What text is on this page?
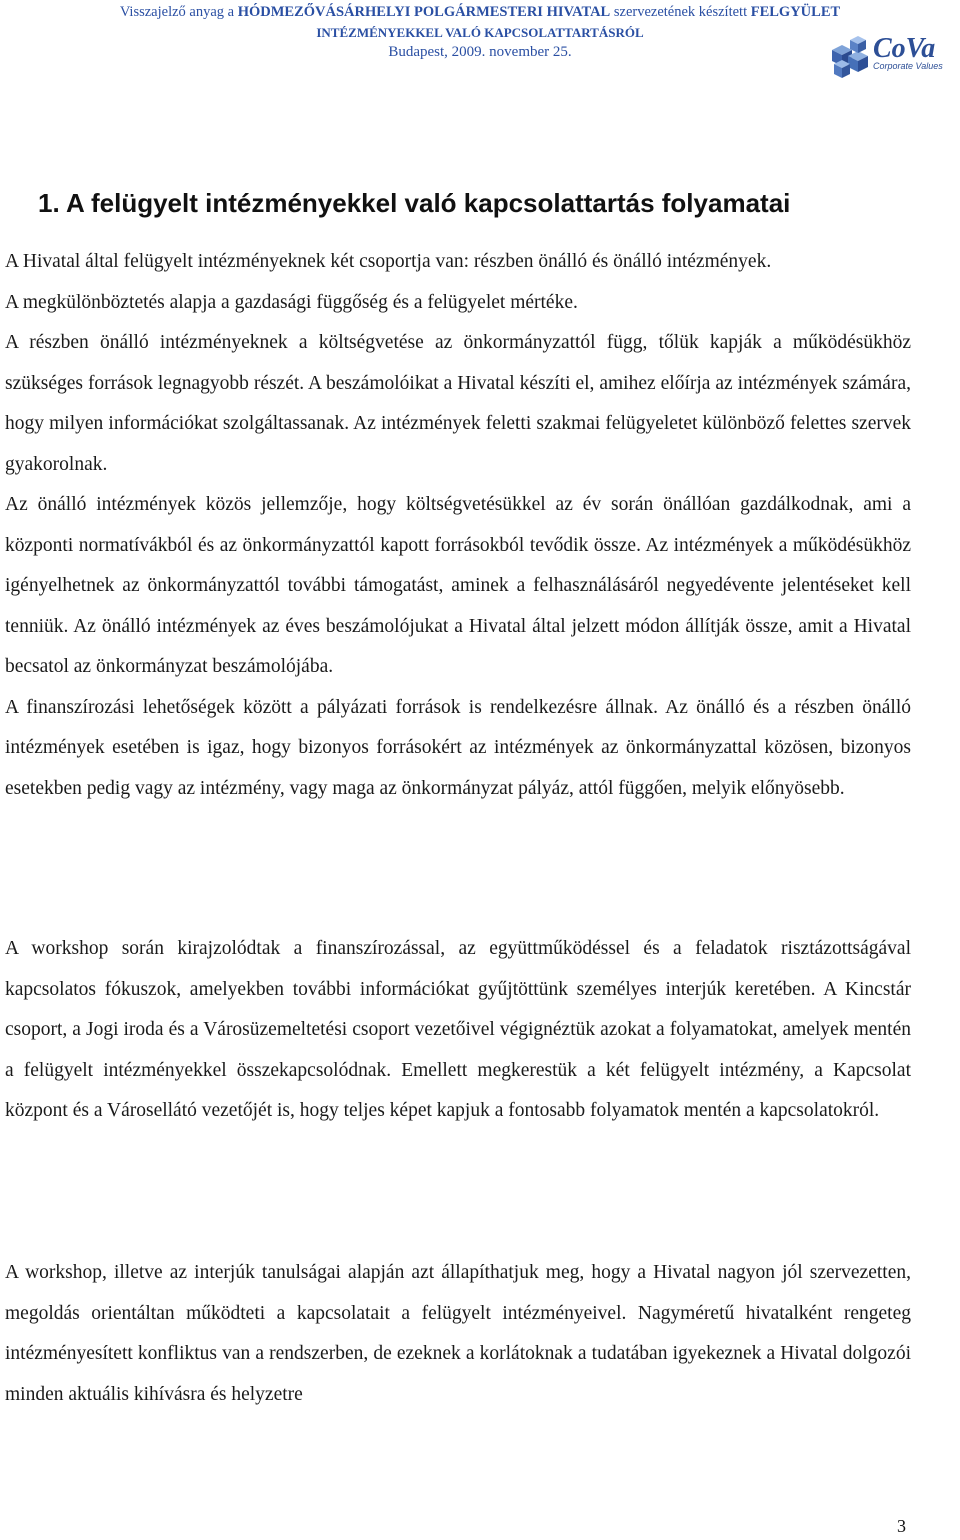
Visszajelző anyag a HÓDMEZŐVÁSÁRHELYI POLGÁRMESTERI HIVATAL szervezetének készített FELGYÜLET
INTÉZMÉNYEKKEL VALÓ KAPCSOLATTARTÁSRÓL
Budapest, 2009. november 25.	CoVa
Corporate Values
1. A felügyelt intézményekkel való kapcsolattartás folyamatai

A Hivatal által felügyelt intézményeknek két csoportja van: részben önálló és önálló intézmények.

A megkülönböztetés alapja a gazdasági függőség és a felügyelet mértéke.

A részben önálló intézményeknek a költségvetése az önkormányzattól függ, tőlük kapják a működésükhöz szükséges források legnagyobb részét. A beszámolóikat a Hivatal készíti el, amihez előírja az intézmények számára, hogy milyen információkat szolgáltassanak. Az intézmények feletti szakmai felügyeletet különböző felettes szervek gyakorolnak.

Az önálló intézmények közös jellemzője, hogy költségvetésükkel az év során önállóan gazdálkodnak, ami a központi normatívákból és az önkormányzattól kapott forrásokból tevődik össze. Az intézmények a működésükhöz igényelhetnek az önkormányzattól további támogatást, aminek a felhasználásáról negyedévente jelentéseket kell tenniük. Az önálló intézmények az éves beszámolójukat a Hivatal által jelzett módon állítják össze, amit a Hivatal becsatol az önkormányzat beszámolójába.

A finanszírozási lehetőségek között a pályázati források is rendelkezésre állnak. Az önálló és a részben önálló intézmények esetében is igaz, hogy bizonyos forrásokért az intézmények az önkormányzattal közösen, bizonyos esetekben pedig vagy az intézmény, vagy maga az önkormányzat pályáz, attól függően, melyik előnyösebb.

A workshop során kirajzolódtak a finanszírozással, az együttműködéssel és a feladatok risztázottságával kapcsolatos fókuszok, amelyekben további információkat gyűjtöttünk személyes interjúk keretében. A Kincstár csoport, a Jogi iroda és a Városüzemeltetési csoport vezetőivel végignéztük azokat a folyamatokat, amelyek mentén a felügyelt intézményekkel összekapcsolódnak. Emellett megkerestük a két felügyelt intézmény, a Kapcsolat központ és a Városellátó vezetőjét is, hogy teljes képet kapjuk a fontosabb folyamatok mentén a kapcsolatokról.

A workshop, illetve az interjúk tanulságai alapján azt állapíthatjuk meg, hogy a Hivatal nagyon jól szervezetten, megoldás orientáltan működteti a kapcsolatait a felügyelt intézményeivel. Nagyméretű hivatalként rengeteg intézményesített konfliktus van a rendszerben, de ezeknek a korlátoknak a tudatában igyekeznek a Hivatal dolgozói minden aktuális kihívásra és helyzetre

3
